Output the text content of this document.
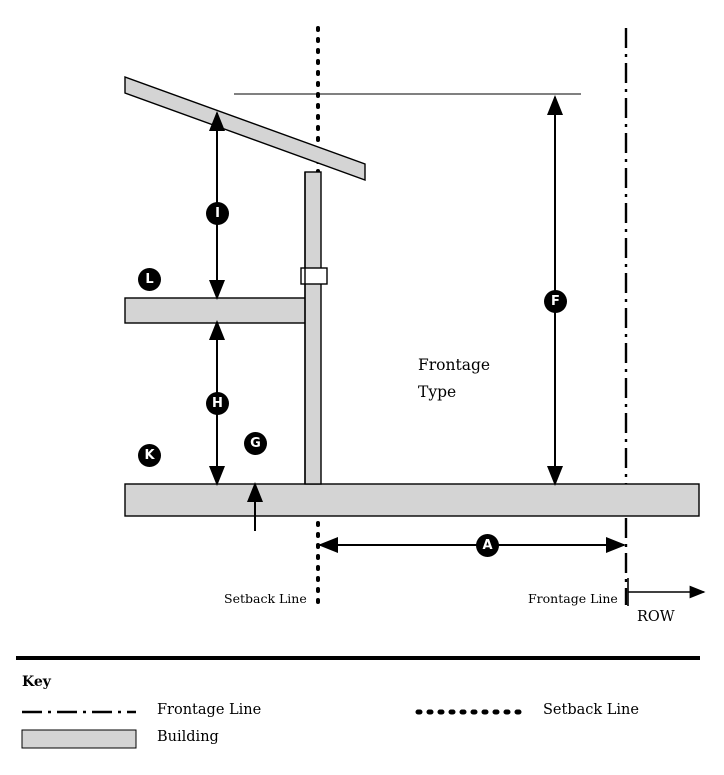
I
L
H
G
K
F
A
Frontage
Type
Setback Line	Frontage Line
ROW
Key
Frontage Line	Setback Line
Building
